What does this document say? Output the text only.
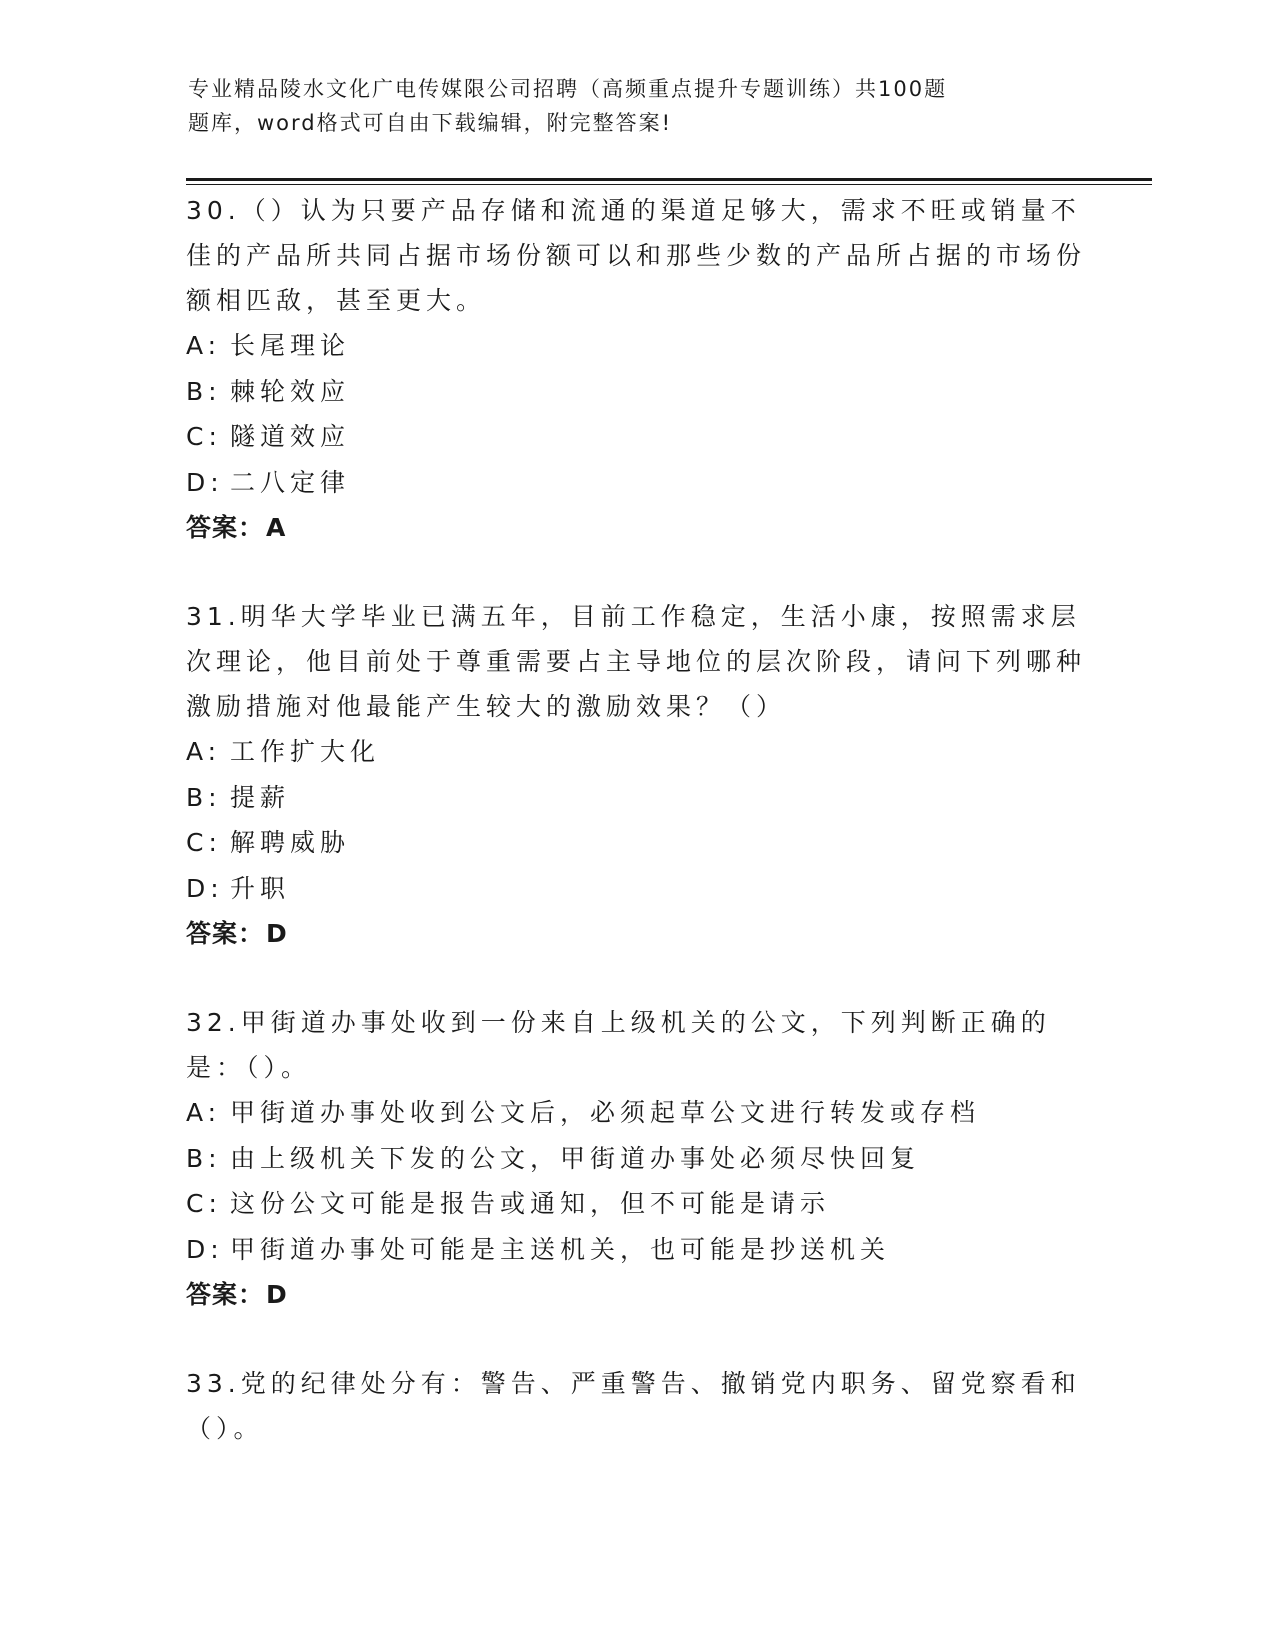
专业精品陵水文化广电传媒限公司招聘（高频重点提升专题训练）共100题
题库，word格式可自由下载编辑，附完整答案!

30.（）认为只要产品存储和流通的渠道足够大，需求不旺或销量不佳的产品所共同占据市场份额可以和那些少数的产品所占据的市场份额相匹敌，甚至更大。

A: 长尾理论
B: 棘轮效应
C: 隧道效应
D: 二八定律
答案：A

31.明华大学毕业已满五年，目前工作稳定，生活小康，按照需求层次理论，他目前处于尊重需要占主导地位的层次阶段，请问下列哪种激励措施对他最能产生较大的激励效果？（）

A: 工作扩大化
B: 提薪
C: 解聘威胁
D: 升职
答案：D

32.甲街道办事处收到一份来自上级机关的公文，下列判断正确的是：（）。

A: 甲街道办事处收到公文后，必须起草公文进行转发或存档
B: 由上级机关下发的公文，甲街道办事处必须尽快回复
C: 这份公文可能是报告或通知，但不可能是请示
D: 甲街道办事处可能是主送机关，也可能是抄送机关
答案：D

33.党的纪律处分有：警告、严重警告、撤销党内职务、留党察看和（）。
